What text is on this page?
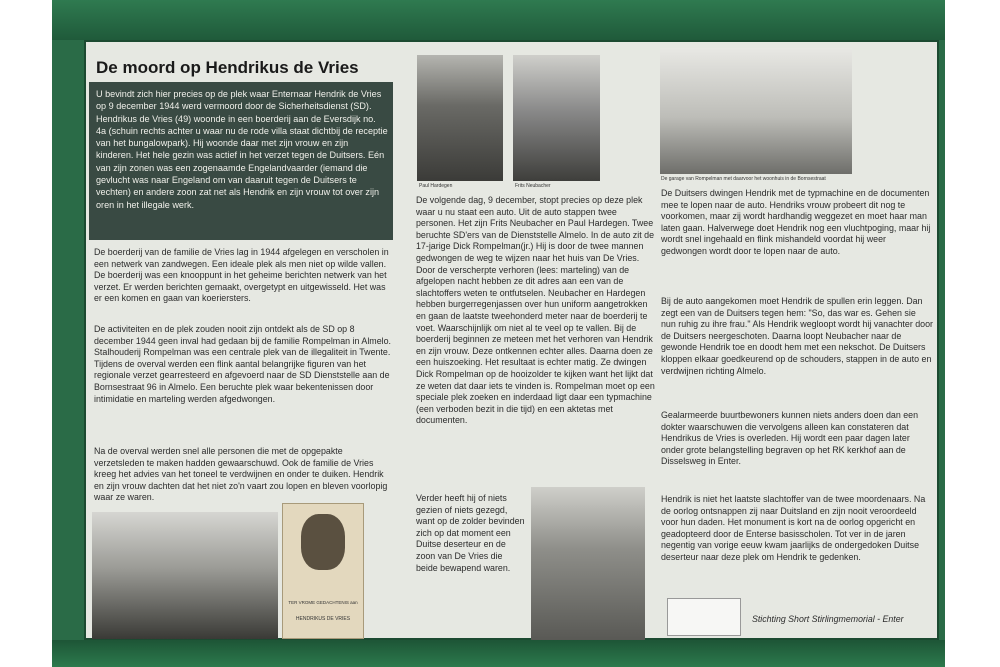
De moord op Hendrikus de Vries
U bevindt zich hier precies op de plek waar Enternaar Hendrik de Vries op 9 december 1944 werd vermoord door de Sicherheitsdienst (SD). Hendrikus de Vries (49) woonde in een boerderij aan de Eversdijk no. 4a (schuin rechts achter u waar nu de rode villa staat dichtbij de receptie van het bungalowpark). Hij woonde daar met zijn vrouw en zijn kinderen. Het hele gezin was actief in het verzet tegen de Duitsers. Eén van zijn zonen was een zogenaamde Engelandvaarder (iemand die gevlucht was naar Engeland om van daaruit tegen de Duitsers te vechten) en andere zoon zat net als Hendrik en zijn vrouw tot over zijn oren in het illegale werk.
De boerderij van de familie de Vries lag in 1944 afgelegen en verscholen in een netwerk van zandwegen. Een ideale plek als men niet op wilde vallen. De boerderij was een knooppunt in het geheime berichten netwerk van het verzet. Er werden berichten gemaakt, overgetypt en uitgewisseld. Het was er een komen en gaan van koeriersters.
De activiteiten en de plek zouden nooit zijn ontdekt als de SD op 8 december 1944 geen inval had gedaan bij de familie Rompelman in Almelo. Stalhouderij Rompelman was een centrale plek van de illegaliteit in Twente. Tijdens de overval werden een flink aantal belangrijke figuren van het regionale verzet gearresteerd en afgevoerd naar de SD Dienststelle aan de Bornsestraat 96 in Almelo. Een beruchte plek waar bekentenissen door intimidatie en marteling werden afgedwongen.
Na de overval werden snel alle personen die met de opgepakte verzetsleden te maken hadden gewaarschuwd. Ook de familie de Vries kreeg het advies van het toneel te verdwijnen en onder te duiken. Hendrik en zijn vrouw dachten dat het niet zo'n vaart zou lopen en bleven voorlopig waar ze waren.
Paul Hardegen	Frits Neubacher
De garage van Rompelman met daarvoor het woonhuis in de Bornsestraat
De volgende dag, 9 december, stopt precies op deze plek waar u nu staat een auto. Uit de auto stappen twee personen. Het zijn Frits Neubacher en Paul Hardegen. Twee beruchte SD'ers van de Dienststelle Almelo. In de auto zit de 17-jarige Dick Rompelman(jr.) Hij is door de twee mannen gedwongen de weg te wijzen naar het huis van De Vries. Door de verscherpte verhoren (lees: marteling) van de afgelopen nacht hebben ze dit adres aan een van de slachtoffers weten te ontfutselen. Neubacher en Hardegen hebben burgerregenjassen over hun uniform aangetrokken en gaan de laatste tweehonderd meter naar de boerderij te voet. Waarschijnlijk om niet al te veel op te vallen. Bij de boerderij beginnen ze meteen met het verhoren van Hendrik en zijn vrouw. Deze ontkennen echter alles. Daarna doen ze een huiszoeking. Het resultaat is echter matig. Ze dwingen Dick Rompelman op de hooizolder te kijken want het lijkt dat ze weten dat daar iets te vinden is. Rompelman moet op een speciale plek zoeken en inderdaad ligt daar een typmachine (een verboden bezit in die tijd) en een aktetas met documenten.
Verder heeft hij of niets gezien of niets gezegd, want op de zolder bevinden zich op dat moment een Duitse deserteur en de zoon van De Vries die beide bewapend waren.
De Duitsers dwingen Hendrik met de typmachine en de documenten mee te lopen naar de auto. Hendriks vrouw probeert dit nog te voorkomen, maar zij wordt hardhandig weggezet en moet haar man laten gaan. Halverwege doet Hendrik nog een vluchtpoging, maar hij wordt snel ingehaald en flink mishandeld voordat hij weer gedwongen wordt door te lopen naar de auto.
Bij de auto aangekomen moet Hendrik de spullen erin leggen. Dan zegt een van de Duitsers tegen hem: "So, das war es. Gehen sie nun ruhig zu ihre frau." Als Hendrik wegloopt wordt hij vanachter door de Duitsers neergeschoten. Daarna loopt Neubacher naar de gewonde Hendrik toe en doodt hem met een nekschot. De Duitsers kloppen elkaar goedkeurend op de schouders, stappen in de auto en verdwijnen richting Almelo.
Gealarmeerde buurtbewoners kunnen niets anders doen dan een dokter waarschuwen die vervolgens alleen kan constateren dat Hendrikus de Vries is overleden. Hij wordt een paar dagen later onder grote belangstelling begraven op het RK kerkhof aan de Disselsweg in Enter.
Hendrik is niet het laatste slachtoffer van de twee moordenaars. Na de oorlog ontsnappen zij naar Duitsland en zijn nooit veroordeeld voor hun daden. Het monument is kort na de oorlog opgericht en geadopteerd door de Enterse basisscholen. Tot ver in de jaren negentig van vorige eeuw kwam jaarlijks de ondergedoken Duitse deserteur naar deze plek om Hendrik te gedenken.
TER VROME GEDACHTENIS aan
HENDRIKUS DE VRIES	Stichting Short Stirlingmemorial - Enter
